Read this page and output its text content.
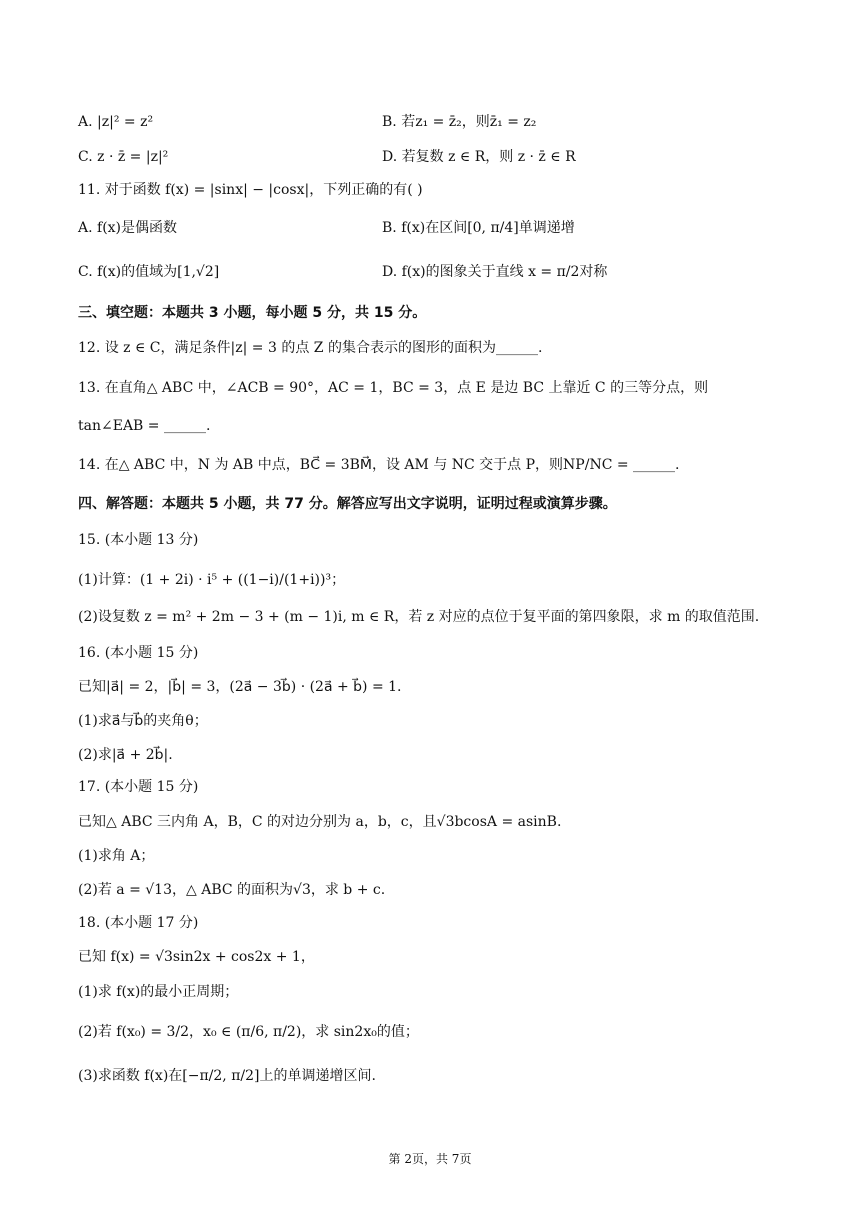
A. |z|² = z²
C. z · z̄ = |z|²
11. 对于函数 f(x) = |sinx| − |cosx|，下列正确的有( )
A. f(x)是偶函数
C. f(x)的值域为[1,√2]
三、填空题：本题共 3 小题，每小题 5 分，共 15 分。
12. 设 z ∈ C，满足条件|z| = 3 的点 Z 的集合表示的图形的面积为______.
13. 在直角△ ABC 中，∠ACB = 90°，AC = 1，BC = 3，点 E 是边 BC 上靠近 C 的三等分点，则
tan∠EAB = ______.
14. 在△ ABC 中，N 为 AB 中点，BC⃗ = 3BM⃗，设 AM 与 NC 交于点 P，则NP/NC = ______.
四、解答题：本题共 5 小题，共 77 分。解答应写出文字说明，证明过程或演算步骤。
15. (本小题 13 分)
(1)计算：(1 + 2i) · i⁵ + ((1−i)/(1+i))³；
(2)设复数 z = m² + 2m − 3 + (m − 1)i, m ∈ R，若 z 对应的点位于复平面的第四象限，求 m 的取值范围.
16. (本小题 15 分)
已知|a⃗| = 2，|b⃗| = 3，(2a⃗ − 3b⃗) · (2a⃗ + b⃗) = 1.
(1)求a⃗与b⃗的夹角θ；
(2)求|a⃗ + 2b⃗|.
17. (本小题 15 分)
已知△ ABC 三内角 A，B，C 的对边分别为 a，b，c，且√3bcosA = asinB.
(1)求角 A；
(2)若 a = √13，△ ABC 的面积为√3，求 b + c.
18. (本小题 17 分)
已知 f(x) = √3sin2x + cos2x + 1，
(1)求 f(x)的最小正周期；
(2)若 f(x₀) = 3/2，x₀ ∈ (π/6, π/2)，求 sin2x₀的值；
(3)求函数 f(x)在[−π/2, π/2]上的单调递增区间.
B. 若z₁ = z̄₂，则z̄₁ = z₂
D. 若复数 z ∈ R，则 z · z̄ ∈ R
B. f(x)在区间[0, π/4]单调递增
D. f(x)的图象关于直线 x = π/2对称
第 2页，共 7页
